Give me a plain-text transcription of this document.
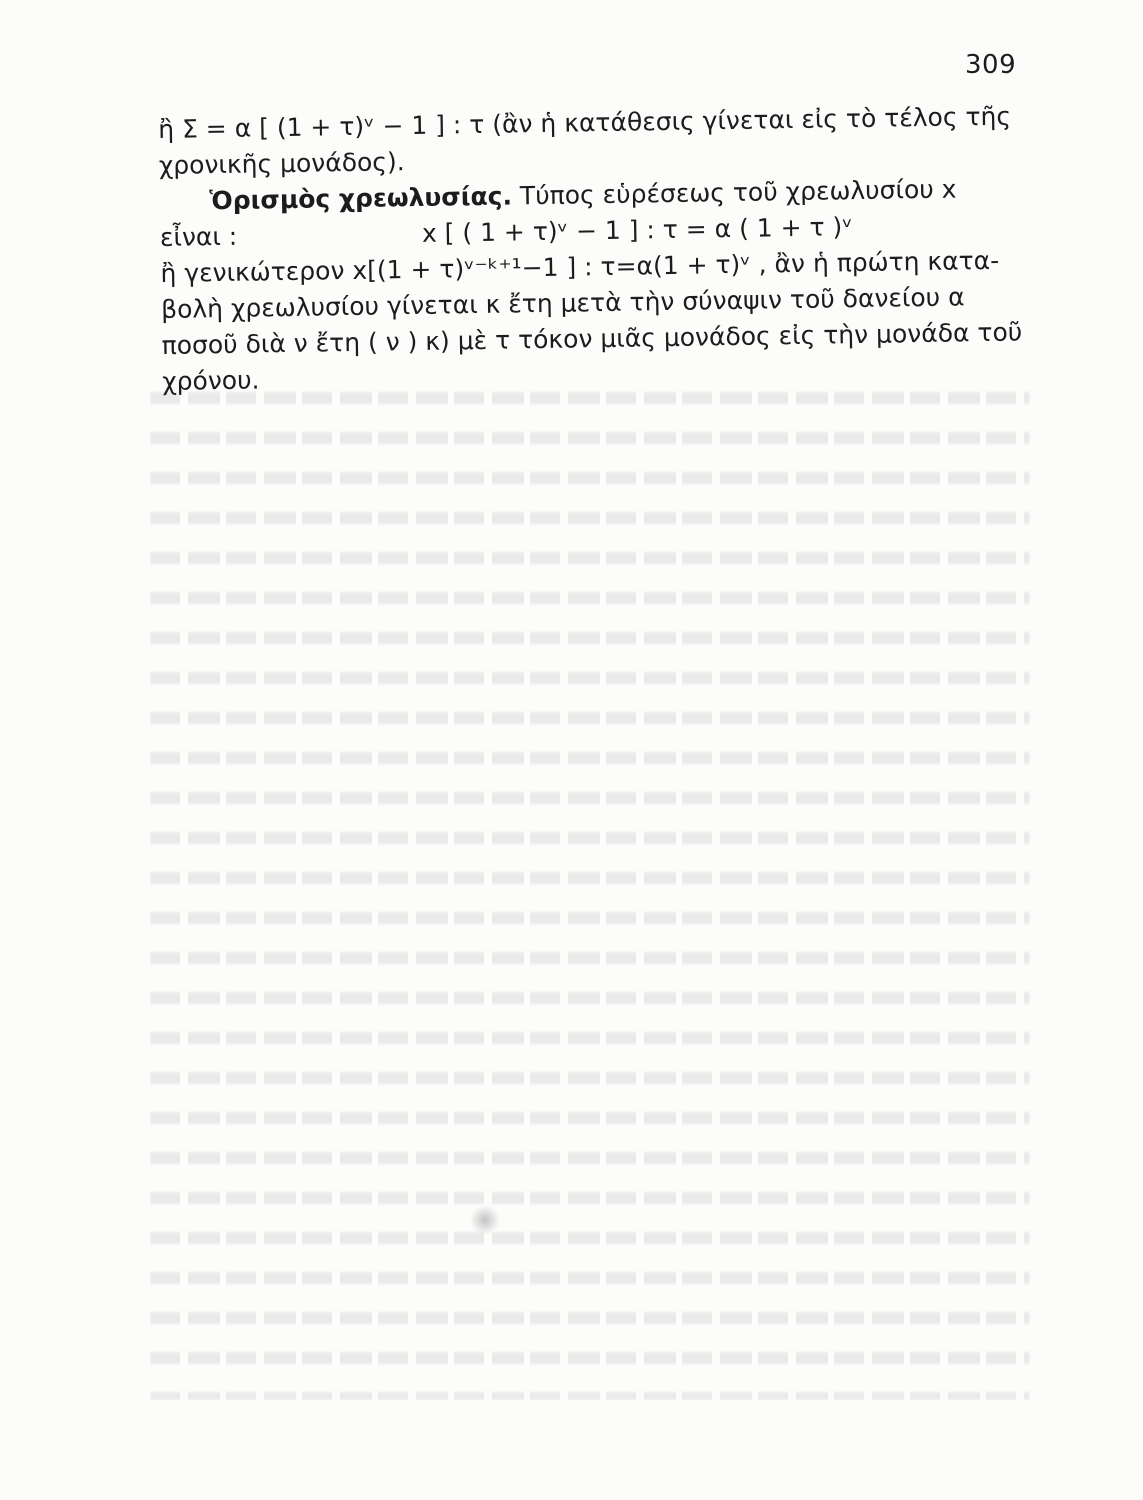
309
ἢ Σ = α [ (1 + τ)ᵛ − 1 ] : τ (ἂν ἡ κατάθεσις γίνεται εἰς τὸ τέλος τῆς
χρονικῆς μονάδος).
Ὁρισμὸς χρεωλυσίας. Τύπος εὑρέσεως τοῦ χρεωλυσίου x
εἶναι :	x [ ( 1 + τ)ᵛ − 1 ] : τ = α ( 1 + τ )ᵛ
ἢ γενικώτερον x[(1 + τ)ᵛ⁻ᵏ⁺¹−1 ] : τ=α(1 + τ)ᵛ , ἂν ἡ πρώτη κατα-
βολὴ χρεωλυσίου γίνεται κ ἔτη μετὰ τὴν σύναψιν τοῦ δανείου α
ποσοῦ διὰ ν ἔτη ( ν ) κ) μὲ τ τόκον μιᾶς μονάδος εἰς τὴν μονάδα τοῦ
χρόνου.
